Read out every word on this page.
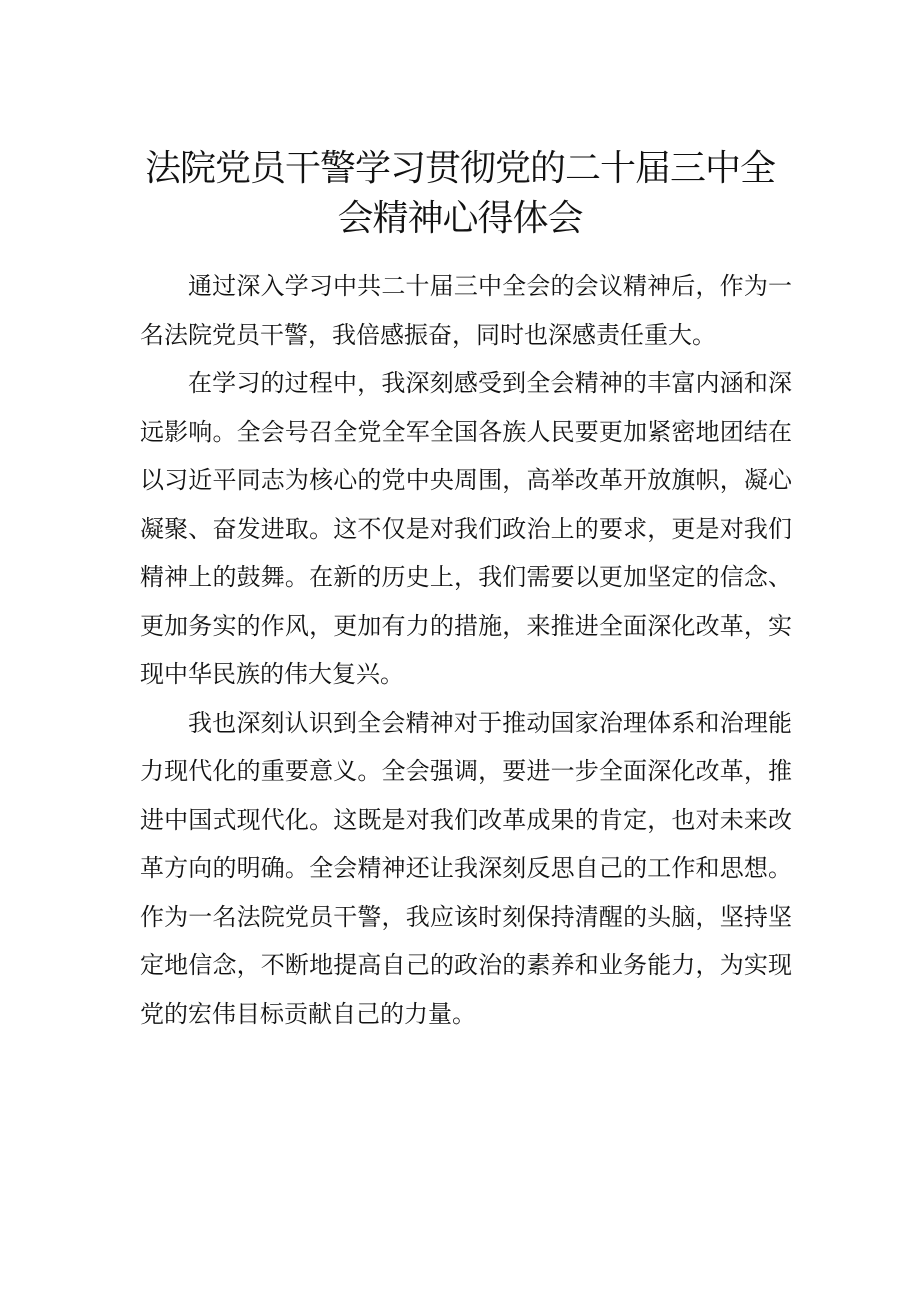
法院党员干警学习贯彻党的二十届三中全
会精神心得体会

通过深入学习中共二十届三中全会的会议精神后，作为一名法院党员干警，我倍感振奋，同时也深感责任重大。

在学习的过程中，我深刻感受到全会精神的丰富内涵和深远影响。全会号召全党全军全国各族人民要更加紧密地团结在以习近平同志为核心的党中央周围，高举改革开放旗帜，凝心凝聚、奋发进取。这不仅是对我们政治上的要求，更是对我们精神上的鼓舞。在新的历史上，我们需要以更加坚定的信念、更加务实的作风，更加有力的措施，来推进全面深化改革，实现中华民族的伟大复兴。

我也深刻认识到全会精神对于推动国家治理体系和治理能力现代化的重要意义。全会强调，要进一步全面深化改革，推进中国式现代化。这既是对我们改革成果的肯定，也对未来改革方向的明确。全会精神还让我深刻反思自己的工作和思想。作为一名法院党员干警，我应该时刻保持清醒的头脑，坚持坚定地信念，不断地提高自己的政治的素养和业务能力，为实现党的宏伟目标贡献自己的力量。
